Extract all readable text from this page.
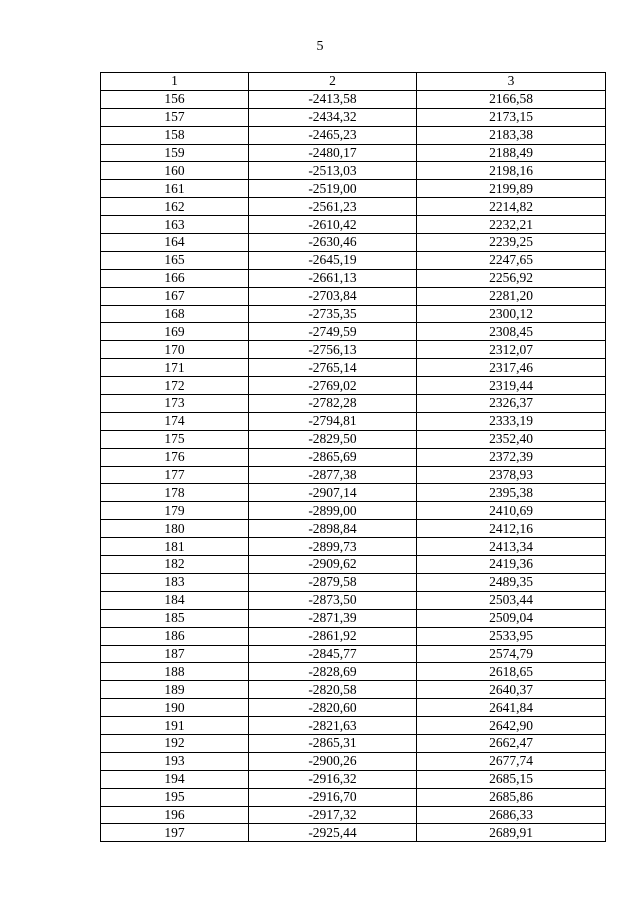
5
1	2	3
156	-2413,58	2166,58
157	-2434,32	2173,15
158	-2465,23	2183,38
159	-2480,17	2188,49
160	-2513,03	2198,16
161	-2519,00	2199,89
162	-2561,23	2214,82
163	-2610,42	2232,21
164	-2630,46	2239,25
165	-2645,19	2247,65
166	-2661,13	2256,92
167	-2703,84	2281,20
168	-2735,35	2300,12
169	-2749,59	2308,45
170	-2756,13	2312,07
171	-2765,14	2317,46
172	-2769,02	2319,44
173	-2782,28	2326,37
174	-2794,81	2333,19
175	-2829,50	2352,40
176	-2865,69	2372,39
177	-2877,38	2378,93
178	-2907,14	2395,38
179	-2899,00	2410,69
180	-2898,84	2412,16
181	-2899,73	2413,34
182	-2909,62	2419,36
183	-2879,58	2489,35
184	-2873,50	2503,44
185	-2871,39	2509,04
186	-2861,92	2533,95
187	-2845,77	2574,79
188	-2828,69	2618,65
189	-2820,58	2640,37
190	-2820,60	2641,84
191	-2821,63	2642,90
192	-2865,31	2662,47
193	-2900,26	2677,74
194	-2916,32	2685,15
195	-2916,70	2685,86
196	-2917,32	2686,33
197	-2925,44	2689,91
